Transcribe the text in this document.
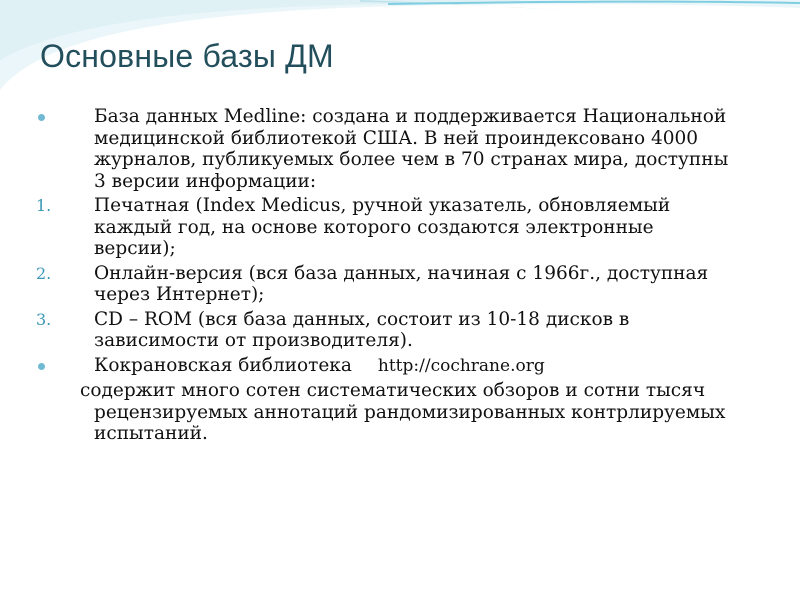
Основные базы ДМ
База данных Medline: создана и поддерживается Национальной медицинской библиотекой США. В ней проиндексовано 4000 журналов, публикуемых более чем в 70 странах мира, доступны 3 версии информации:
1.	Печатная (Index Medicus, ручной указатель, обновляемый каждый год, на основе которого создаются электронные версии);
2.	Онлайн-версия (вся база данных, начиная с 1966г., доступная через Интернет);
3.	CD – ROM (вся база данных, состоит из 10-18 дисков в зависимости от производителя).
Кокрановская библиотека http://cochrane.org
содержит много сотен систематических обзоров и сотни тысяч рецензируемых аннотаций рандомизированных контрлируемых испытаний.
